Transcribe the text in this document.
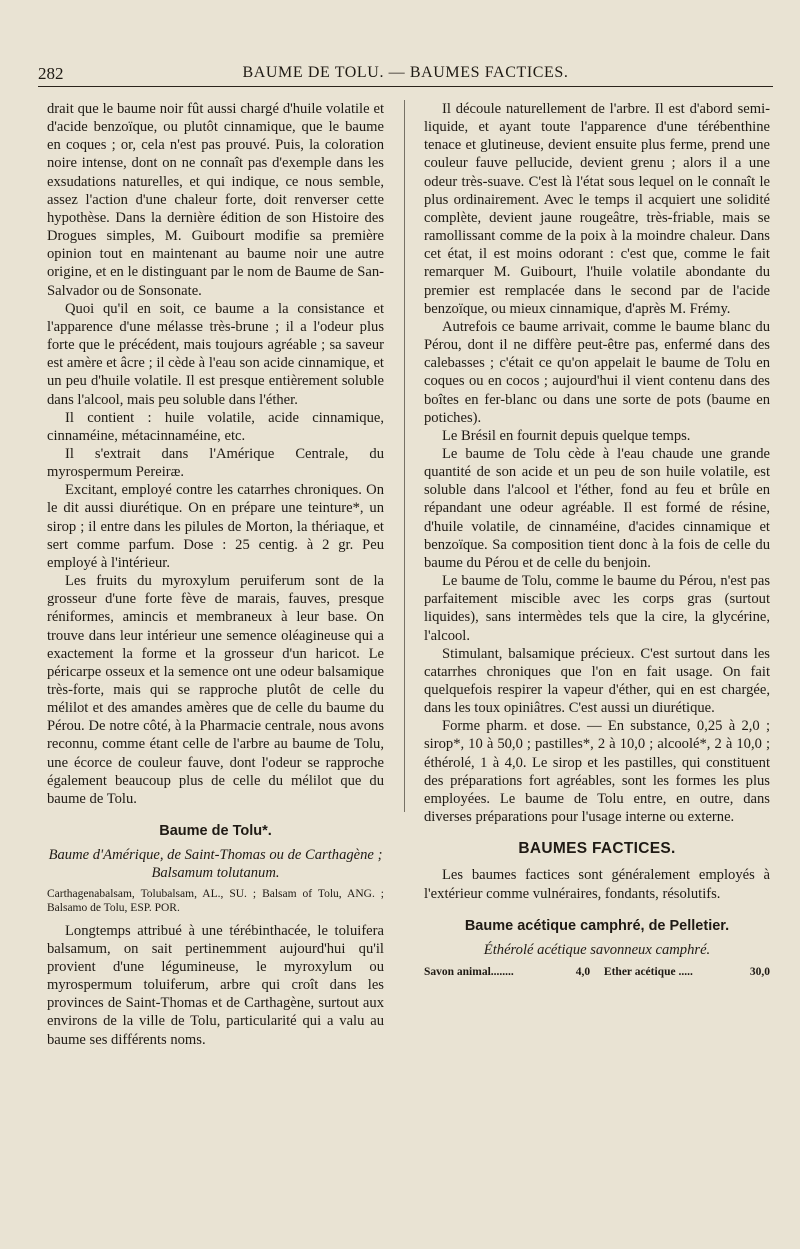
282	BAUME DE TOLU. — BAUMES FACTICES.

drait que le baume noir fût aussi chargé d'huile volatile et d'acide benzoïque, ou plutôt cinnamique, que le baume en coques ; or, cela n'est pas prouvé. Puis, la coloration noire intense, dont on ne connaît pas d'exemple dans les exsudations naturelles, et qui indique, ce nous semble, assez l'action d'une chaleur forte, doit renverser cette hypothèse. Dans la dernière édition de son Histoire des Drogues simples, M. Guibourt modifie sa première opinion tout en maintenant au baume noir une autre origine, et en le distinguant par le nom de Baume de San-Salvador ou de Sonsonate.

Quoi qu'il en soit, ce baume a la consistance et l'apparence d'une mélasse très-brune ; il a l'odeur plus forte que le précédent, mais toujours agréable ; sa saveur est amère et âcre ; il cède à l'eau son acide cinnamique, et un peu d'huile volatile. Il est presque entièrement soluble dans l'alcool, mais peu soluble dans l'éther.

Il contient : huile volatile, acide cinnamique, cinnaméine, métacinnaméine, etc.

Il s'extrait dans l'Amérique Centrale, du myrospermum Pereiræ.

Excitant, employé contre les catarrhes chroniques. On le dit aussi diurétique. On en prépare une teinture*, un sirop ; il entre dans les pilules de Morton, la thériaque, et sert comme parfum. Dose : 25 centig. à 2 gr. Peu employé à l'intérieur.

Les fruits du myroxylum peruiferum sont de la grosseur d'une forte fève de marais, fauves, presque réniformes, amincis et membraneux à leur base. On trouve dans leur intérieur une semence oléagineuse qui a exactement la forme et la grosseur d'un haricot. Le péricarpe osseux et la semence ont une odeur balsamique très-forte, mais qui se rapproche plutôt de celle du mélilot et des amandes amères que de celle du baume du Pérou. De notre côté, à la Pharmacie centrale, nous avons reconnu, comme étant celle de l'arbre au baume de Tolu, une écorce de couleur fauve, dont l'odeur se rapproche également beaucoup plus de celle du mélilot que du baume de Tolu.

Baume de Tolu*.

Baume d'Amérique, de Saint-Thomas ou de Carthagène ; Balsamum tolutanum.

Carthagenabalsam, Tolubalsam, AL., SU. ; Balsam of Tolu, ANG. ; Balsamo de Tolu, ESP. POR.

Longtemps attribué à une térébinthacée, le toluifera balsamum, on sait pertinemment aujourd'hui qu'il provient d'une légumineuse, le myroxylum ou myrospermum toluiferum, arbre qui croît dans les provinces de Saint-Thomas et de Carthagène, surtout aux environs de la ville de Tolu, particularité qui a valu au baume ses différents noms.

Il découle naturellement de l'arbre. Il est d'abord semi-liquide, et ayant toute l'apparence d'une térébenthine tenace et glutineuse, devient ensuite plus ferme, prend une couleur fauve pellucide, devient grenu ; alors il a une odeur très-suave. C'est là l'état sous lequel on le connaît le plus ordinairement. Avec le temps il acquiert une solidité complète, devient jaune rougeâtre, très-friable, mais se ramollissant comme de la poix à la moindre chaleur. Dans cet état, il est moins odorant : c'est que, comme le fait remarquer M. Guibourt, l'huile volatile abondante du premier est remplacée dans le second par de l'acide benzoïque, ou mieux cinnamique, d'après M. Frémy.

Autrefois ce baume arrivait, comme le baume blanc du Pérou, dont il ne diffère peut-être pas, enfermé dans des calebasses ; c'était ce qu'on appelait le baume de Tolu en coques ou en cocos ; aujourd'hui il vient contenu dans des boîtes en fer-blanc ou dans une sorte de pots (baume en potiches).

Le Brésil en fournit depuis quelque temps.

Le baume de Tolu cède à l'eau chaude une grande quantité de son acide et un peu de son huile volatile, est soluble dans l'alcool et l'éther, fond au feu et brûle en répandant une odeur agréable. Il est formé de résine, d'huile volatile, de cinnaméine, d'acides cinnamique et benzoïque. Sa composition tient donc à la fois de celle du baume du Pérou et de celle du benjoin.

Le baume de Tolu, comme le baume du Pérou, n'est pas parfaitement miscible avec les corps gras (surtout liquides), sans intermèdes tels que la cire, la glycérine, l'alcool.

Stimulant, balsamique précieux. C'est surtout dans les catarrhes chroniques que l'on en fait usage. On fait quelquefois respirer la vapeur d'éther, qui en est chargée, dans les toux opiniâtres. C'est aussi un diurétique.

Forme pharm. et dose. — En substance, 0,25 à 2,0 ; sirop*, 10 à 50,0 ; pastilles*, 2 à 10,0 ; alcoolé*, 2 à 10,0 ; éthérolé, 1 à 4,0. Le sirop et les pastilles, qui constituent des préparations fort agréables, sont les formes les plus employées. Le baume de Tolu entre, en outre, dans diverses préparations pour l'usage interne ou externe.

BAUMES FACTICES.

Les baumes factices sont généralement employés à l'extérieur comme vulnéraires, fondants, résolutifs.

Baume acétique camphré, de Pelletier.

Éthérolé acétique savonneux camphré.

Savon animal........	4,0 Ether acétique .....	30,0
